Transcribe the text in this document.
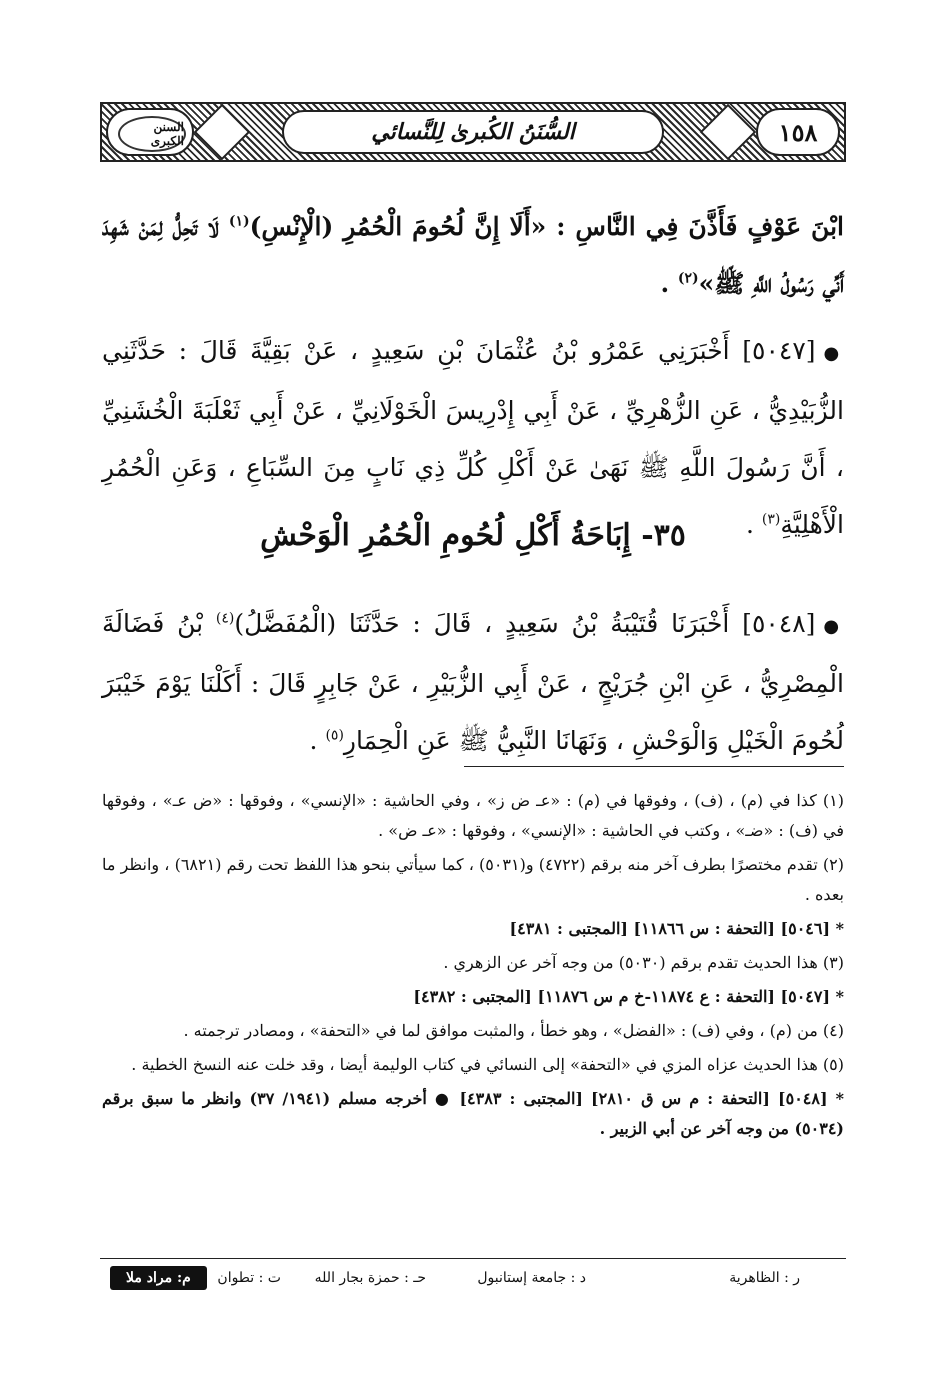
١٥٨
السُّنَنُ الكُبرىٰ لِلنَّسائي
السنن الكبرى
ابْنَ عَوْفٍ فَأَذَّنَ فِي النَّاسِ : «أَلَا إِنَّ لُحُومَ الْحُمُرِ (الْإِنْسِ)$^{(١)}$ لَا تَحِلُّ لِمَنْ شَهِدَ أَنِّي رَسُولُ اللَّهِ ﷺ»$^{(٢)}$ .
●[٥٠٤٧] أَخْبَرَنِي عَمْرُو بْنُ عُثْمَانَ بْنِ سَعِيدٍ ، عَنْ بَقِيَّةَ قَالَ : حَدَّثَنِي الزُّبَيْدِيُّ ، عَنِ الزُّهْرِيِّ ، عَنْ أَبِي إِدْرِيسَ الْخَوْلَانِيِّ ، عَنْ أَبِي ثَعْلَبَةَ الْخُشَنِيِّ ، أَنَّ رَسُولَ اللَّهِ ﷺ نَهَىٰ عَنْ أَكْلِ كُلِّ ذِي نَابٍ مِنَ السِّبَاعِ ، وَعَنِ الْحُمُرِ الْأَهْلِيَّةِ$^{(٣)}$ .
٣٥- إِبَاحَةُ أَكْلِ لُحُومِ الْحُمُرِ الْوَحْشِ
●[٥٠٤٨] أَخْبَرَنَا قُتَيْبَةُ بْنُ سَعِيدٍ ، قَالَ : حَدَّثَنَا (الْمُفَضَّلُ)$^{(٤)}$ بْنُ فَضَالَةَ الْمِصْرِيُّ ، عَنِ ابْنِ جُرَيْجٍ ، عَنْ أَبِي الزُّبَيْرِ ، عَنْ جَابِرٍ قَالَ : أَكَلْنَا يَوْمَ خَيْبَرَ لُحُومَ الْخَيْلِ وَالْوَحْشِ ، وَنَهَانَا النَّبِيُّ ﷺ عَنِ الْحِمَارِ$^{(٥)}$ .

(١) كذا في (م) ، (ف) ، وفوقها في (م) : «عـ ض ز» ، وفي الحاشية : «الإنسي» ، وفوقها : «ض عـ» ، وفوقها في (ف) : «ضـ» ، وكتب في الحاشية : «الإنسي» ، وفوقها : «عـ ض» .

(٢) تقدم مختصرًا بطرف آخر منه برقم (٤٧٢٢) و(٥٠٣١) ، كما سيأتي بنحو هذا اللفظ تحت رقم (٦٨٢١) ، وانظر ما بعده .

* [٥٠٤٦] [التحفة : س ١١٨٦٦] [المجتبى : ٤٣٨١]

(٣) هذا الحديث تقدم برقم (٥٠٣٠) من وجه آخر عن الزهري .

* [٥٠٤٧] [التحفة : ع ١١٨٧٤-خ م س ١١٨٧٦] [المجتبى : ٤٣٨٢]

(٤) من (م) ، وفي (ف) : «الفضل» ، وهو خطأ ، والمثبت موافق لما في «التحفة» ، ومصادر ترجمته .

(٥) هذا الحديث عزاه المزي في «التحفة» إلى النسائي في كتاب الوليمة أيضا ، وقد خلت عنه النسخ الخطية .

* [٥٠٤٨] [التحفة : م س ق ٢٨١٠] [المجتبى : ٤٣٨٣] ● أخرجه مسلم (١٩٤١/ ٣٧) وانظر ما سبق برقم (٥٠٣٤) من وجه آخر عن أبي الزبير .

ر : الظاهرية
د : جامعة إستانبول
حـ : حمزة بجار الله
ت : تطوان
م: مراد ملا
